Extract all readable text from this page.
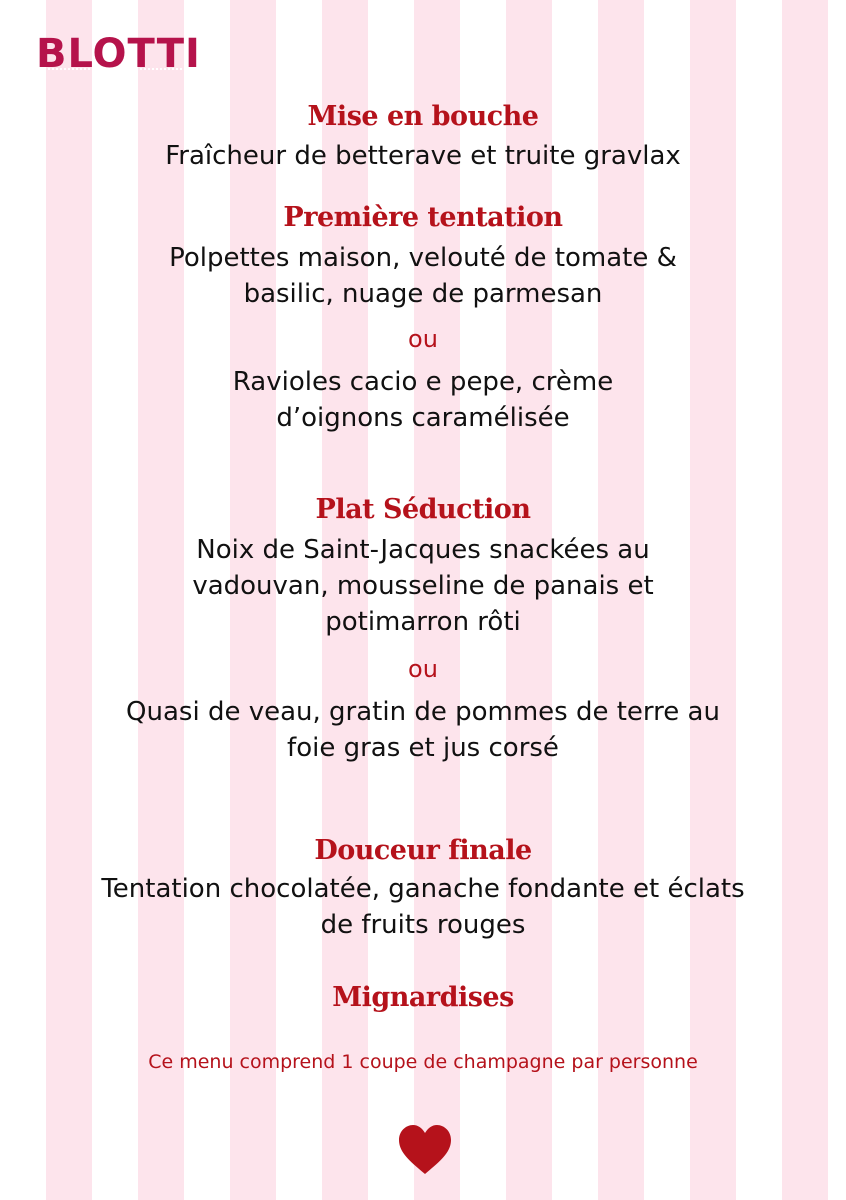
BLOTTI
Mise en bouche
Fraîcheur de betterave et truite gravlax
Première tentation
Polpettes maison, velouté de tomate & basilic, nuage de parmesan
ou
Ravioles cacio e pepe, crème d’oignons caramélisée
Plat Séduction
Noix de Saint-Jacques snackées au vadouvan, mousseline de panais et potimarron rôti
ou
Quasi de veau, gratin de pommes de terre au foie gras et jus corsé
Douceur finale
Tentation chocolatée, ganache fondante et éclats de fruits rouges
Mignardises
Ce menu comprend 1 coupe de champagne par personne
